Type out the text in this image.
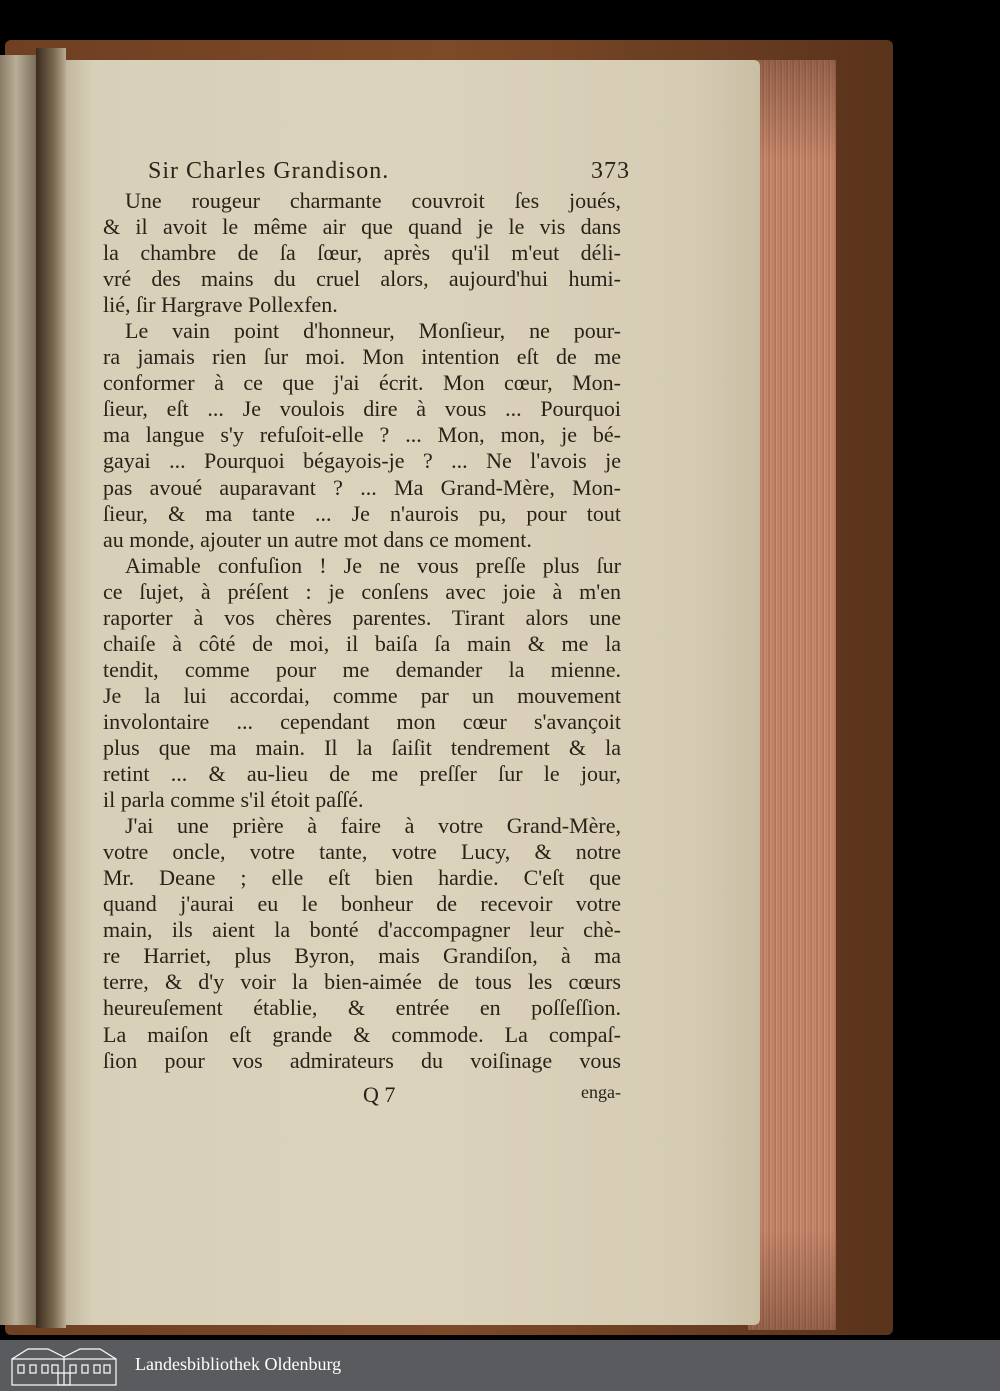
Sir Charles Grandison.	373
Une rougeur charmante couvroit ſes joués,
& il avoit le même air que quand je le vis dans
la chambre de ſa ſœur, après qu'il m'eut déli-
vré des mains du cruel alors, aujourd'hui humi-
lié, ſir Hargrave Pollexfen.
Le vain point d'honneur, Monſieur, ne pour-
ra jamais rien ſur moi. Mon intention eſt de me
conformer à ce que j'ai écrit. Mon cœur, Mon-
ſieur, eſt ... Je voulois dire à vous ... Pourquoi
ma langue s'y refuſoit-elle ? ... Mon, mon, je bé-
gayai ... Pourquoi bégayois-je ? ... Ne l'avois je
pas avoué auparavant ? ... Ma Grand-Mère, Mon-
ſieur, & ma tante ... Je n'aurois pu, pour tout
au monde, ajouter un autre mot dans ce moment.
Aimable confuſion ! Je ne vous preſſe plus ſur
ce ſujet, à préſent : je conſens avec joie à m'en
raporter à vos chères parentes. Tirant alors une
chaiſe à côté de moi, il baiſa ſa main & me la
tendit, comme pour me demander la mienne.
Je la lui accordai, comme par un mouvement
involontaire ... cependant mon cœur s'avançoit
plus que ma main. Il la ſaiſit tendrement & la
retint ... & au-lieu de me preſſer ſur le jour,
il parla comme s'il étoit paſſé.
J'ai une prière à faire à votre Grand-Mère,
votre oncle, votre tante, votre Lucy, & notre
Mr. Deane ; elle eſt bien hardie. C'eſt que
quand j'aurai eu le bonheur de recevoir votre
main, ils aient la bonté d'accompagner leur chè-
re Harriet, plus Byron, mais Grandiſon, à ma
terre, & d'y voir la bien-aimée de tous les cœurs
heureuſement établie, & entrée en poſſeſſion.
La maiſon eſt grande & commode. La compaſ-
ſion pour vos admirateurs du voiſinage vous
Q 7	enga-
Landesbibliothek Oldenburg
